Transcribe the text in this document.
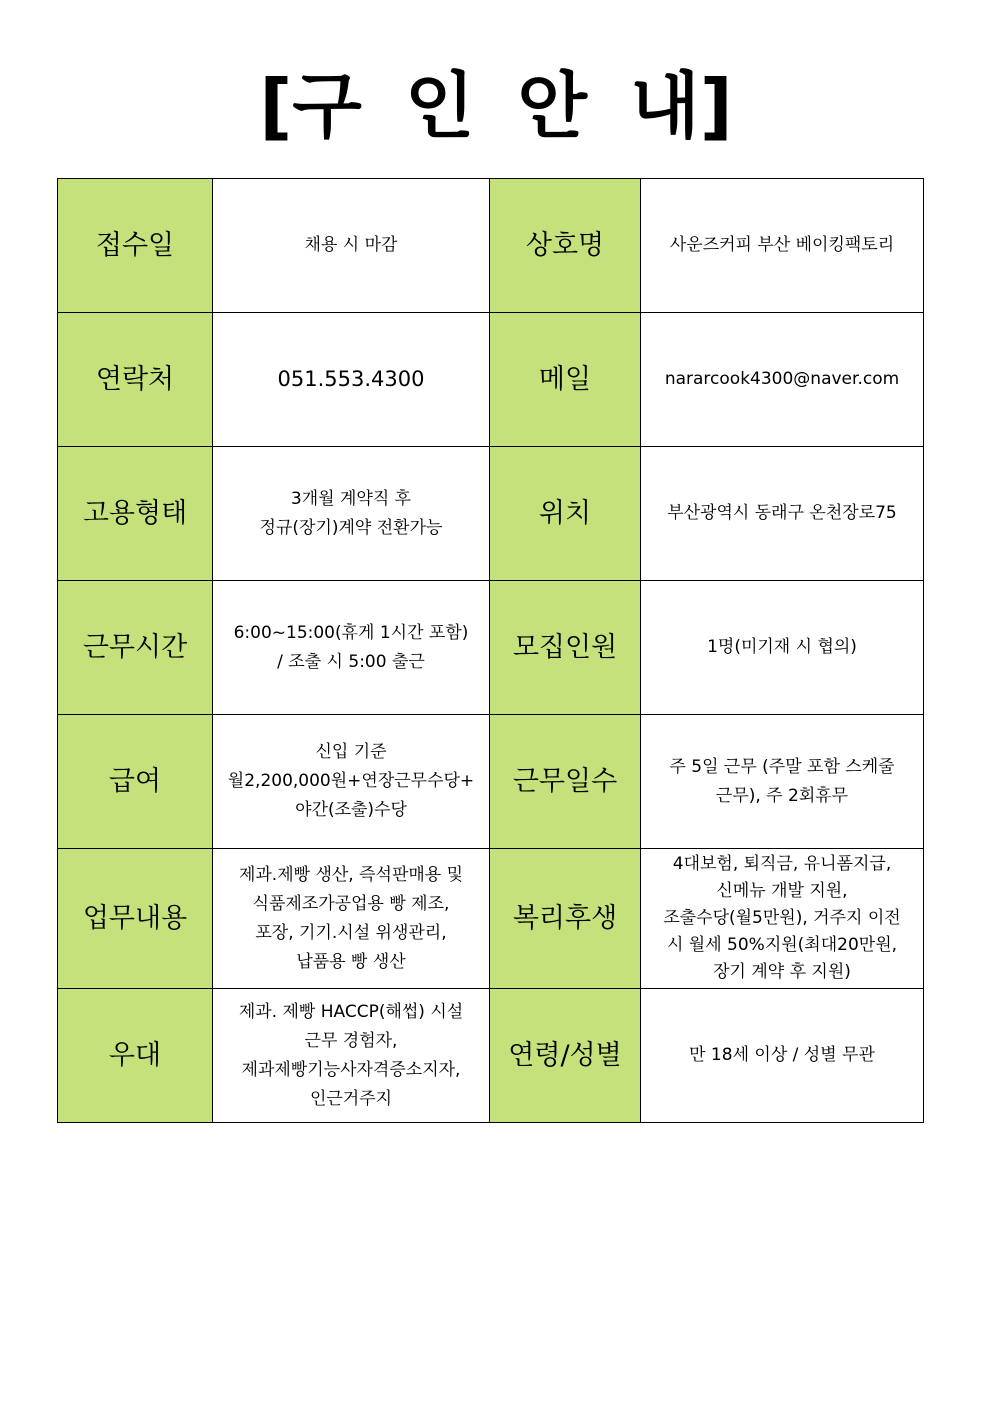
[구 인 안 내]
접수일	채용 시 마감	상호명	사운즈커피 부산 베이킹팩토리

연락처	051.553.4300	메일	nararcook4300@naver.com

고용형태	3개월 계약직 후
정규(장기)계약 전환가능	위치	부산광역시 동래구 온천장로75

근무시간	6:00~15:00(휴게 1시간 포함)
/ 조출 시 5:00 출근	모집인원	1명(미기재 시 협의)

급여	신입 기준
월2,200,000원+연장근무수당+
야간(조출)수당	근무일수	주 5일 근무 (주말 포함 스케줄
근무), 주 2회휴무

업무내용	제과.제빵 생산, 즉석판매용 및
식품제조가공업용 빵 제조,
포장, 기기.시설 위생관리,
납품용 빵 생산	복리후생	4대보험, 퇴직금, 유니폼지급,
신메뉴 개발 지원,
조출수당(월5만원), 거주지 이전
시 월세 50%지원(최대20만원,
장기 계약 후 지원)

우대	제과. 제빵 HACCP(해썹) 시설
근무 경험자,
제과제빵기능사자격증소지자,
인근거주지	연령/성별	만 18세 이상 / 성별 무관
